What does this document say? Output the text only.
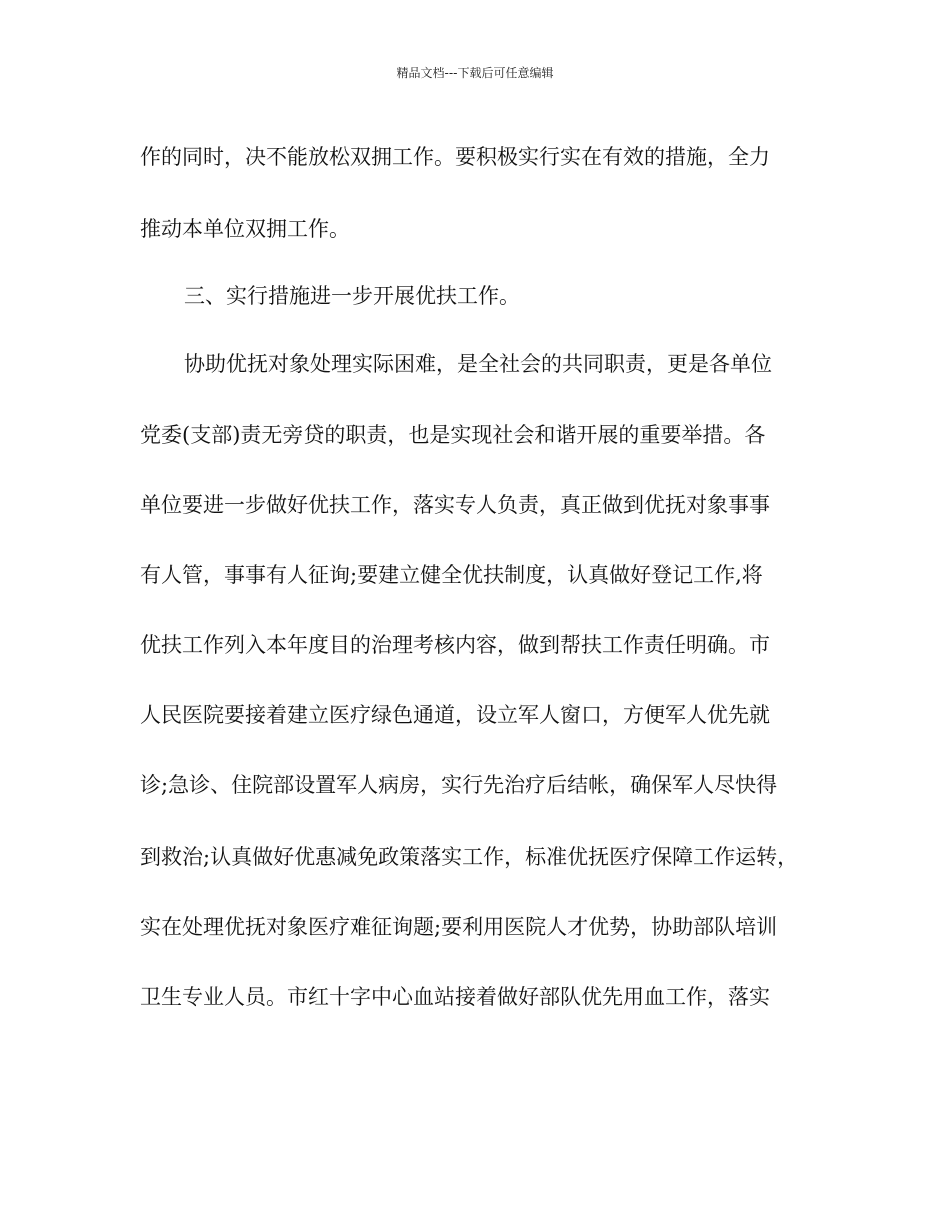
精品文档---下载后可任意编辑
作的同时，决不能放松双拥工作。要积极实行实在有效的措施，全力
推动本单位双拥工作。
三、实行措施进一步开展优扶工作。
协助优抚对象处理实际困难，是全社会的共同职责，更是各单位
党委(支部)责无旁贷的职责，也是实现社会和谐开展的重要举措。各
单位要进一步做好优扶工作，落实专人负责，真正做到优抚对象事事
有人管，事事有人征询;要建立健全优扶制度，认真做好登记工作,将
优扶工作列入本年度目的治理考核内容，做到帮扶工作责任明确。市
人民医院要接着建立医疗绿色通道，设立军人窗口，方便军人优先就
诊;急诊、住院部设置军人病房，实行先治疗后结帐，确保军人尽快得
到救治;认真做好优惠减免政策落实工作，标准优抚医疗保障工作运转，
实在处理优抚对象医疗难征询题;要利用医院人才优势，协助部队培训
卫生专业人员。市红十字中心血站接着做好部队优先用血工作，落实
